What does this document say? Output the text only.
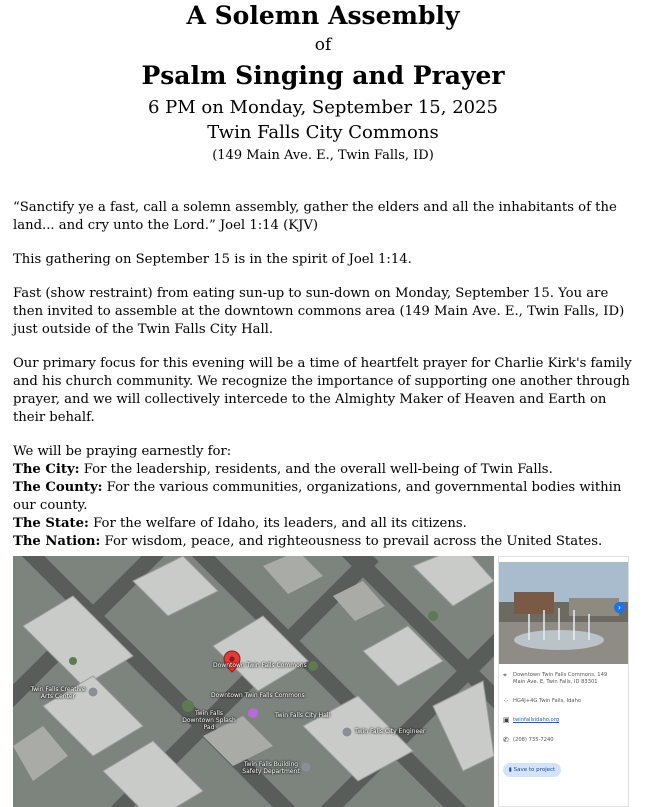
A Solemn Assembly
of
Psalm Singing and Prayer
6 PM on Monday, September 15, 2025
Twin Falls City Commons
(149 Main Ave. E., Twin Falls, ID)

“Sanctify ye a fast, call a solemn assembly, gather the elders and all the inhabitants of the land... and cry unto the Lord.” Joel 1:14 (KJV)

This gathering on September 15 is in the spirit of Joel 1:14.

Fast (show restraint) from eating sun-up to sun-down on Monday, September 15. You are then invited to assemble at the downtown commons area (149 Main Ave. E., Twin Falls, ID) just outside of the Twin Falls City Hall.

Our primary focus for this evening will be a time of heartfelt prayer for Charlie Kirk's family and his church community. We recognize the importance of supporting one another through prayer, and we will collectively intercede to the Almighty Maker of Heaven and Earth on their behalf.

We will be praying earnestly for:
The City: For the leadership, residents, and the overall well-being of Twin Falls.
The County: For the various communities, organizations, and governmental bodies within our county.
The State: For the welfare of Idaho, its leaders, and all its citizens.
The Nation: For wisdom, peace, and righteousness to prevail across the United States.
Downtown Twin Falls Commons
Downtown Twin Falls Commons
Twin Falls Downtown Splash Pad
Twin Falls City Hall
Twin Falls City Engineer
Twin Falls Creative Arts Center
Twin Falls Building Safety Department
›
⌖	Downtown Twin Falls Commons, 149 Main Ave. E, Twin Falls, ID 83301
⁘ HG4J+4G Twin Falls, Idaho
▣ twinfallsidaho.org
✆ (208) 735-7240
▮ Save to project
